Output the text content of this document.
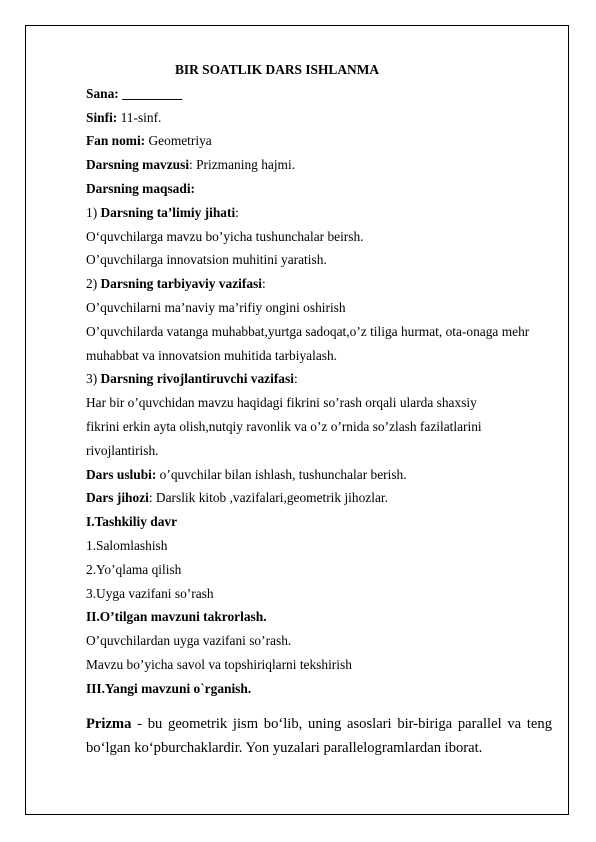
BIR SOATLIK DARS ISHLANMA
Sana: _________
Sinfi: 11-sinf.
Fan nomi: Geometriya
Darsning mavzusi: Prizmaning hajmi.
Darsning maqsadi:
1) Darsning ta’limiy jihati:
O‘quvchilarga mavzu bo’yicha tushunchalar beirsh.
O’quvchilarga innovatsion muhitini yaratish.
2) Darsning tarbiyaviy vazifasi:
O’quvchilarni ma’naviy ma’rifiy ongini oshirish
O’quvchilarda vatanga muhabbat,yurtga sadoqat,o’z tiliga hurmat, ota-onaga mehr muhabbat va innovatsion muhitida tarbiyalash.
3) Darsning rivojlantiruvchi vazifasi:
Har bir o’quvchidan mavzu haqidagi fikrini so’rash orqali ularda shaxsiy
fikrini erkin ayta olish,nutqiy ravonlik va o’z o’rnida so’zlash fazilatlarini rivojlantirish.
Dars uslubi: o’quvchilar bilan ishlash, tushunchalar berish.
Dars jihozi: Darslik kitob ,vazifalari,geometrik jihozlar.
I.Tashkiliy davr
1.Salomlashish
2.Yo’qlama qilish
3.Uyga vazifani so’rash
II.O’tilgan mavzuni takrorlash.
O’quvchilardan uyga vazifani so’rash.
Mavzu bo’yicha savol va topshiriqlarni tekshirish
III.Yangi mavzuni o`rganish.
Prizma - bu geometrik jism bo‘lib, uning asoslari bir-biriga parallel va teng bo‘lgan ko‘pburchaklardir. Yon yuzalari parallelogramlardan iborat.
